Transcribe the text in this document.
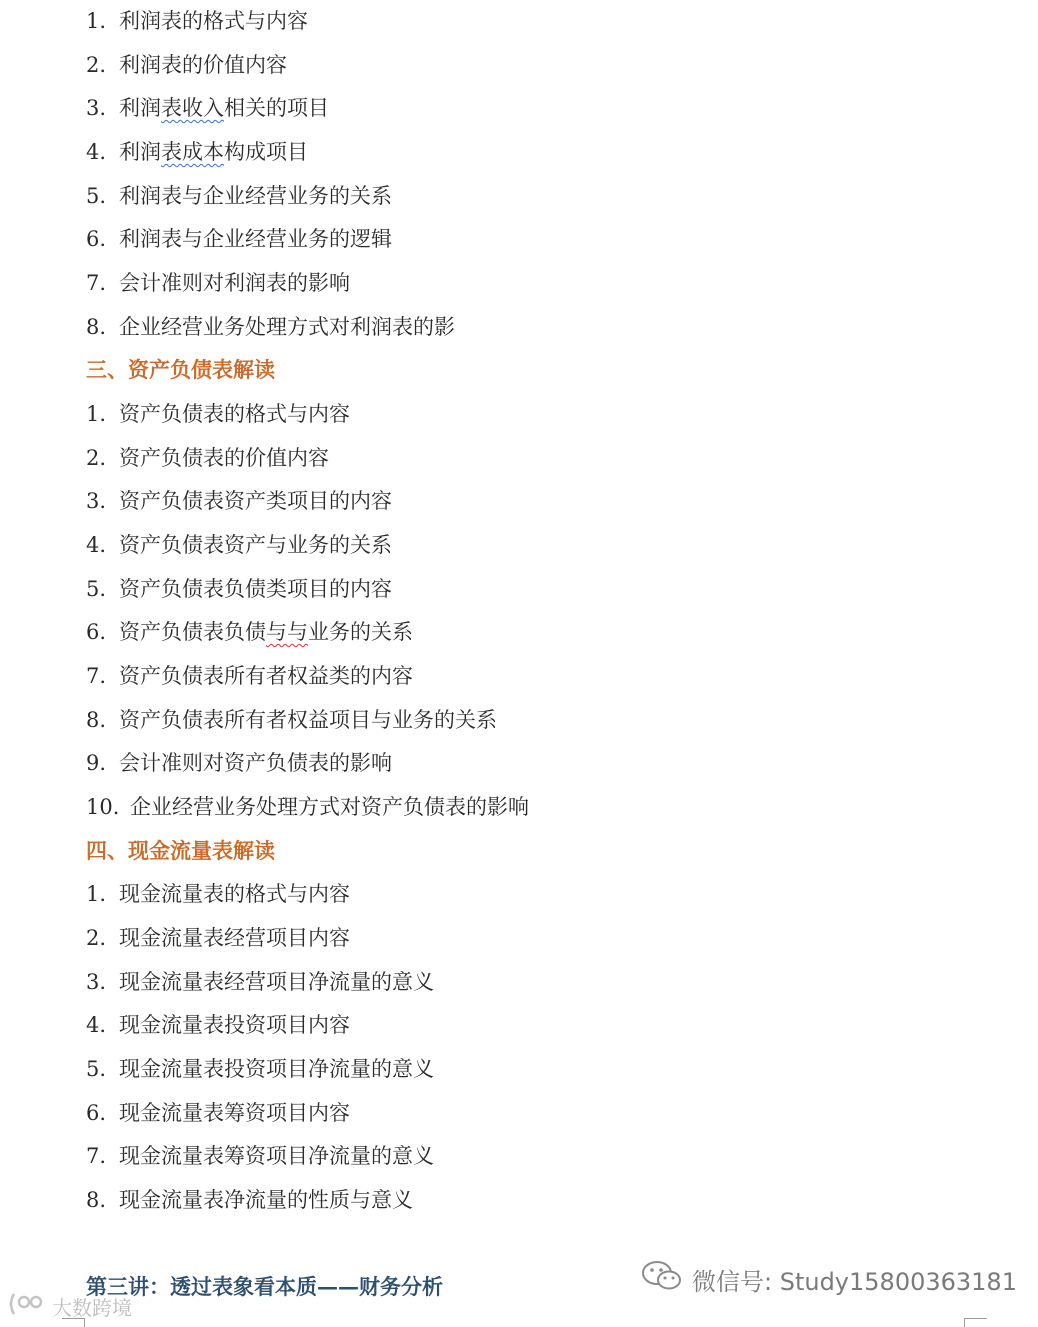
1. 利润表的格式与内容
2. 利润表的价值内容
3. 利润表收入相关的项目
4. 利润表成本构成项目
5. 利润表与企业经营业务的关系
6. 利润表与企业经营业务的逻辑
7. 会计准则对利润表的影响
8. 企业经营业务处理方式对利润表的影
三、资产负债表解读
1. 资产负债表的格式与内容
2. 资产负债表的价值内容
3. 资产负债表资产类项目的内容
4. 资产负债表资产与业务的关系
5. 资产负债表负债类项目的内容
6. 资产负债表负债与与业务的关系
7. 资产负债表所有者权益类的内容
8. 资产负债表所有者权益项目与业务的关系
9. 会计准则对资产负债表的影响
10. 企业经营业务处理方式对资产负债表的影响
四、现金流量表解读
1. 现金流量表的格式与内容
2. 现金流量表经营项目内容
3. 现金流量表经营项目净流量的意义
4. 现金流量表投资项目内容
5. 现金流量表投资项目净流量的意义
6. 现金流量表筹资项目内容
7. 现金流量表筹资项目净流量的意义
8. 现金流量表净流量的性质与意义
第三讲：透过表象看本质——财务分析	微信号: Study15800363181
大数跨境
